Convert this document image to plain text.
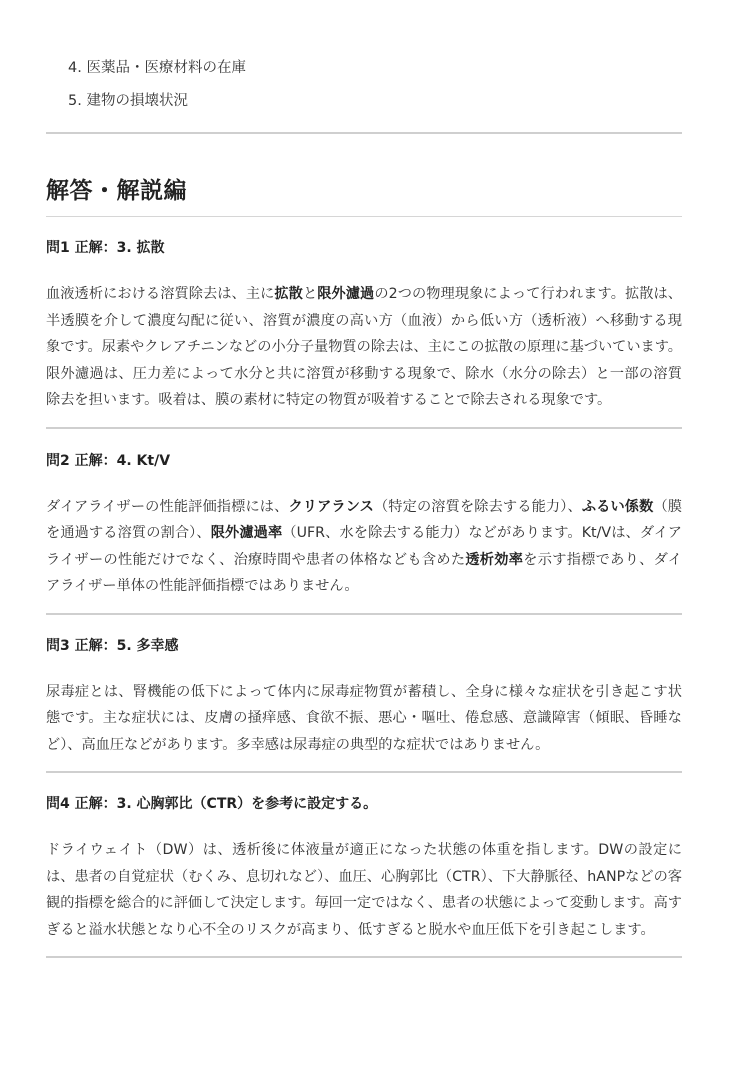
4. 医薬品・医療材料の在庫
5. 建物の損壊状況
解答・解説編
問1 正解：3. 拡散

血液透析における溶質除去は、主に拡散と限外濾過の2つの物理現象によって行われます。拡散は、半透膜を介して濃度勾配に従い、溶質が濃度の高い方（血液）から低い方（透析液）へ移動する現象です。尿素やクレアチニンなどの小分子量物質の除去は、主にこの拡散の原理に基づいています。限外濾過は、圧力差によって水分と共に溶質が移動する現象で、除水（水分の除去）と一部の溶質除去を担います。吸着は、膜の素材に特定の物質が吸着することで除去される現象です。

問2 正解：4. Kt/V

ダイアライザーの性能評価指標には、クリアランス（特定の溶質を除去する能力）、ふるい係数（膜を通過する溶質の割合）、限外濾過率（UFR、水を除去する能力）などがあります。Kt/Vは、ダイアライザーの性能だけでなく、治療時間や患者の体格なども含めた透析効率を示す指標であり、ダイアライザー単体の性能評価指標ではありません。

問3 正解：5. 多幸感

尿毒症とは、腎機能の低下によって体内に尿毒症物質が蓄積し、全身に様々な症状を引き起こす状態です。主な症状には、皮膚の掻痒感、食欲不振、悪心・嘔吐、倦怠感、意識障害（傾眠、昏睡など）、高血圧などがあります。多幸感は尿毒症の典型的な症状ではありません。

問4 正解：3. 心胸郭比（CTR）を参考に設定する。

ドライウェイト（DW）は、透析後に体液量が適正になった状態の体重を指します。DWの設定には、患者の自覚症状（むくみ、息切れなど）、血圧、心胸郭比（CTR）、下大静脈径、hANPなどの客観的指標を総合的に評価して決定します。毎回一定ではなく、患者の状態によって変動します。高すぎると溢水状態となり心不全のリスクが高まり、低すぎると脱水や血圧低下を引き起こします。
